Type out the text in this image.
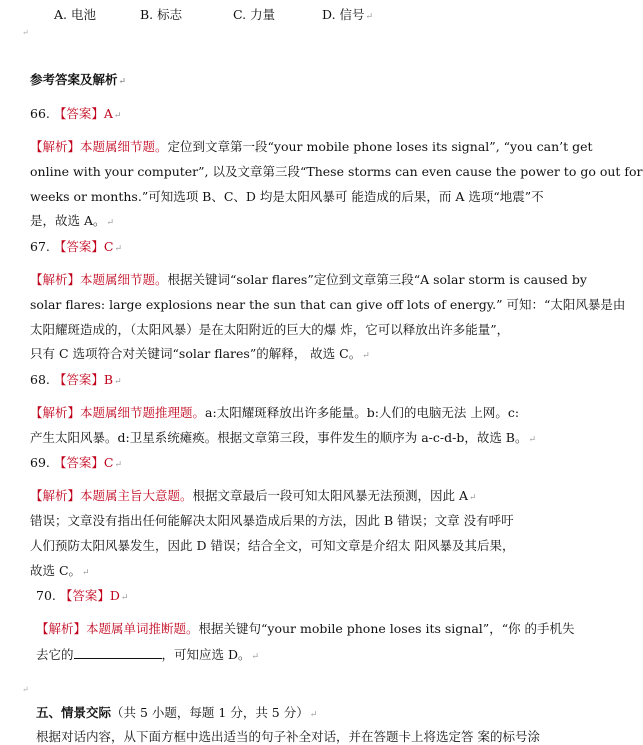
A. 电池	B. 标志	C. 力量	D. 信号↵
↵
参考答案及解析↵
66. 【答案】A↵
【解析】本题属细节题。定位到文章第一段“your mobile phone loses its signal”, “you can’t get
online with your computer”, 以及文章第三段“These storms can even cause the power to go out for
weeks or months.”可知选项 B、C、D 均是太阳风暴可 能造成的后果，而 A 选项“地震”不
是，故选 A。↵
67. 【答案】C↵
【解析】本题属细节题。根据关键词“solar flares”定位到文章第三段“A solar storm is caused by
solar flares: large explosions near the sun that can give off lots of energy.” 可知：“太阳风暴是由
太阳耀斑造成的，（太阳风暴）是在太阳附近的巨大的爆 炸，它可以释放出许多能量”，
只有 C 选项符合对关键词“solar flares”的解释， 故选 C。↵
68. 【答案】B↵
【解析】本题属细节题推理题。a:太阳耀斑释放出许多能量。b:人们的电脑无法 上网。c:
产生太阳风暴。d:卫星系统瘫痪。根据文章第三段，事件发生的顺序为 a-c-d-b，故选 B。↵
69. 【答案】C↵
【解析】本题属主旨大意题。根据文章最后一段可知太阳风暴无法预测，因此 A↵
错误；文章没有指出任何能解决太阳风暴造成后果的方法，因此 B 错误；文章 没有呼吁
人们预防太阳风暴发生，因此 D 错误；结合全文，可知文章是介绍太 阳风暴及其后果，
故选 C。↵
70. 【答案】D↵
【解析】本题属单词推断题。根据关键句“your mobile phone loses its signal”，“你 的手机失
去它的	，可知应选 D。↵
↵
五、情景交际（共 5 小题，每题 1 分，共 5 分）↵
根据对话内容，从下面方框中选出适当的句子补全对话，并在答题卡上将选定答 案的标号涂
